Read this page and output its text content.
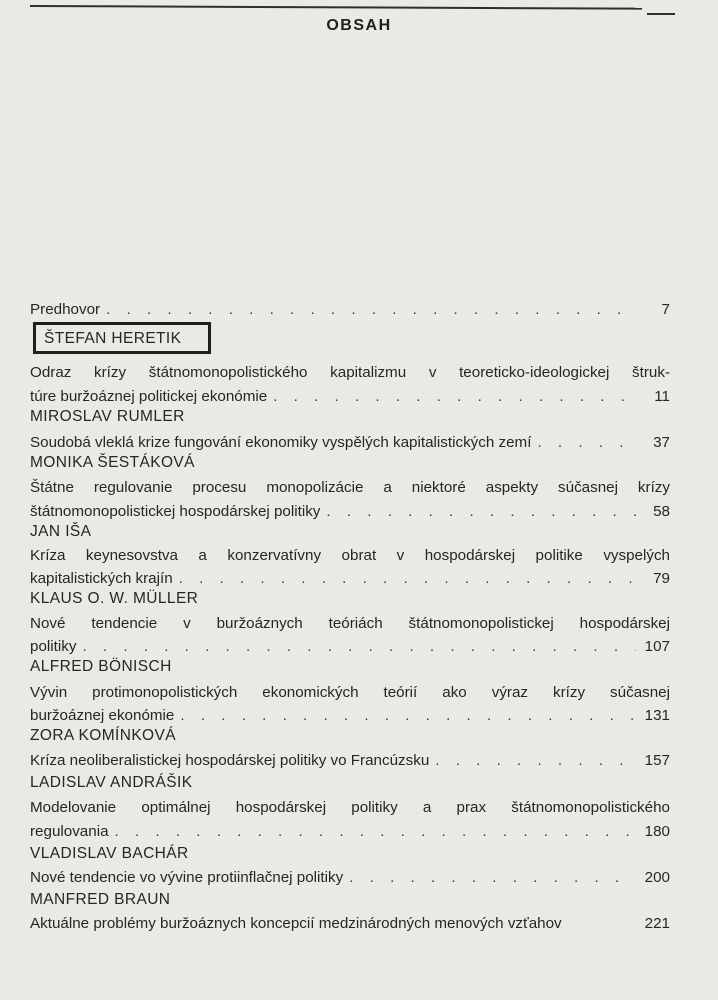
OBSAH
Predhovor . . .	7
ŠTEFAN HERETIK
Odraz krízy štátnomonopolistického kapitalizmu v teoreticko-ideologickej štruk-
túre buržoáznej politickej ekonómie . . .	11
MIROSLAV RUMLER
Soudobá vleklá krize fungování ekonomiky vyspělých kapitalistických zemí . . .	37
MONIKA ŠESTÁKOVÁ
Štátne regulovanie procesu monopolizácie a niektoré aspekty súčasnej krízy
štátnomonopolistickej hospodárskej politiky . . .	58
JAN IŠA
Kríza keynesovstva a konzervatívny obrat v hospodárskej politike vyspelých
kapitalistických krajín . . .	79
KLAUS O. W. MÜLLER
Nové tendencie v buržoáznych teóriách štátnomonopolistickej hospodárskej
politiky . . .	107
ALFRED BÖNISCH
Vývin protimonopolistických ekonomických teórií ako výraz krízy súčasnej
buržoáznej ekonómie . . .	131
ZORA KOMÍNKOVÁ
Kríza neoliberalistickej hospodárskej politiky vo Francúzsku . . .	157
LADISLAV ANDRÁŠIK
Modelovanie optimálnej hospodárskej politiky a prax štátnomonopolistického
regulovania . . .	180
VLADISLAV BACHÁR
Nové tendencie vo vývine protiinflačnej politiky . . .	200
MANFRED BRAUN
Aktuálne problémy buržoáznych koncepcií medzinárodných menových vzťahov	221
